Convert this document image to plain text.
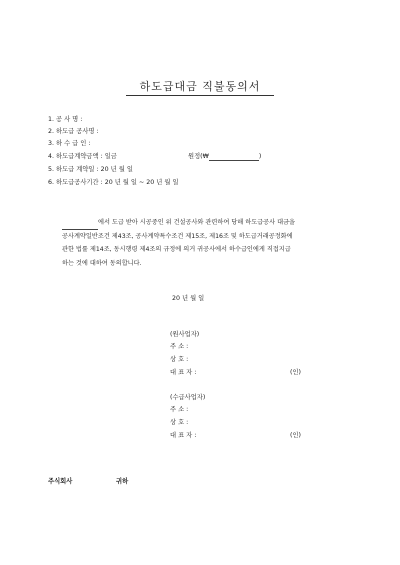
하도급대금 직불동의서
1. 공 사 명 :
2. 하도급 공사명 :
3. 하 수 급 인 :
4. 하도급계약금액 : 일금	원정(₩	)
5. 하도급 계약일 : 20 년 월 일
6. 하도급공사기간 : 20 년 월 일 ~ 20 년 월 일
에서 도급 받아 시공중인 위 건설공사와 관련하여 당해 하도급공사 대금을
공사계약일반조건 제43조, 공사계약특수조건 제15조, 제16조 및 하도급거래공정화에
관한 법률 제14조, 동시행령 제4조의 규정에 의거 귀공사에서 하수급인에게 직접지급
하는 것에 대하여 동의합니다.
20 년 월 일
(원사업자)
주 소 :
상 호 :
대 표 자 :	(인)
(수급사업자)
주 소 :
상 호 :
대 표 자 :	(인)
주식회사	귀하
